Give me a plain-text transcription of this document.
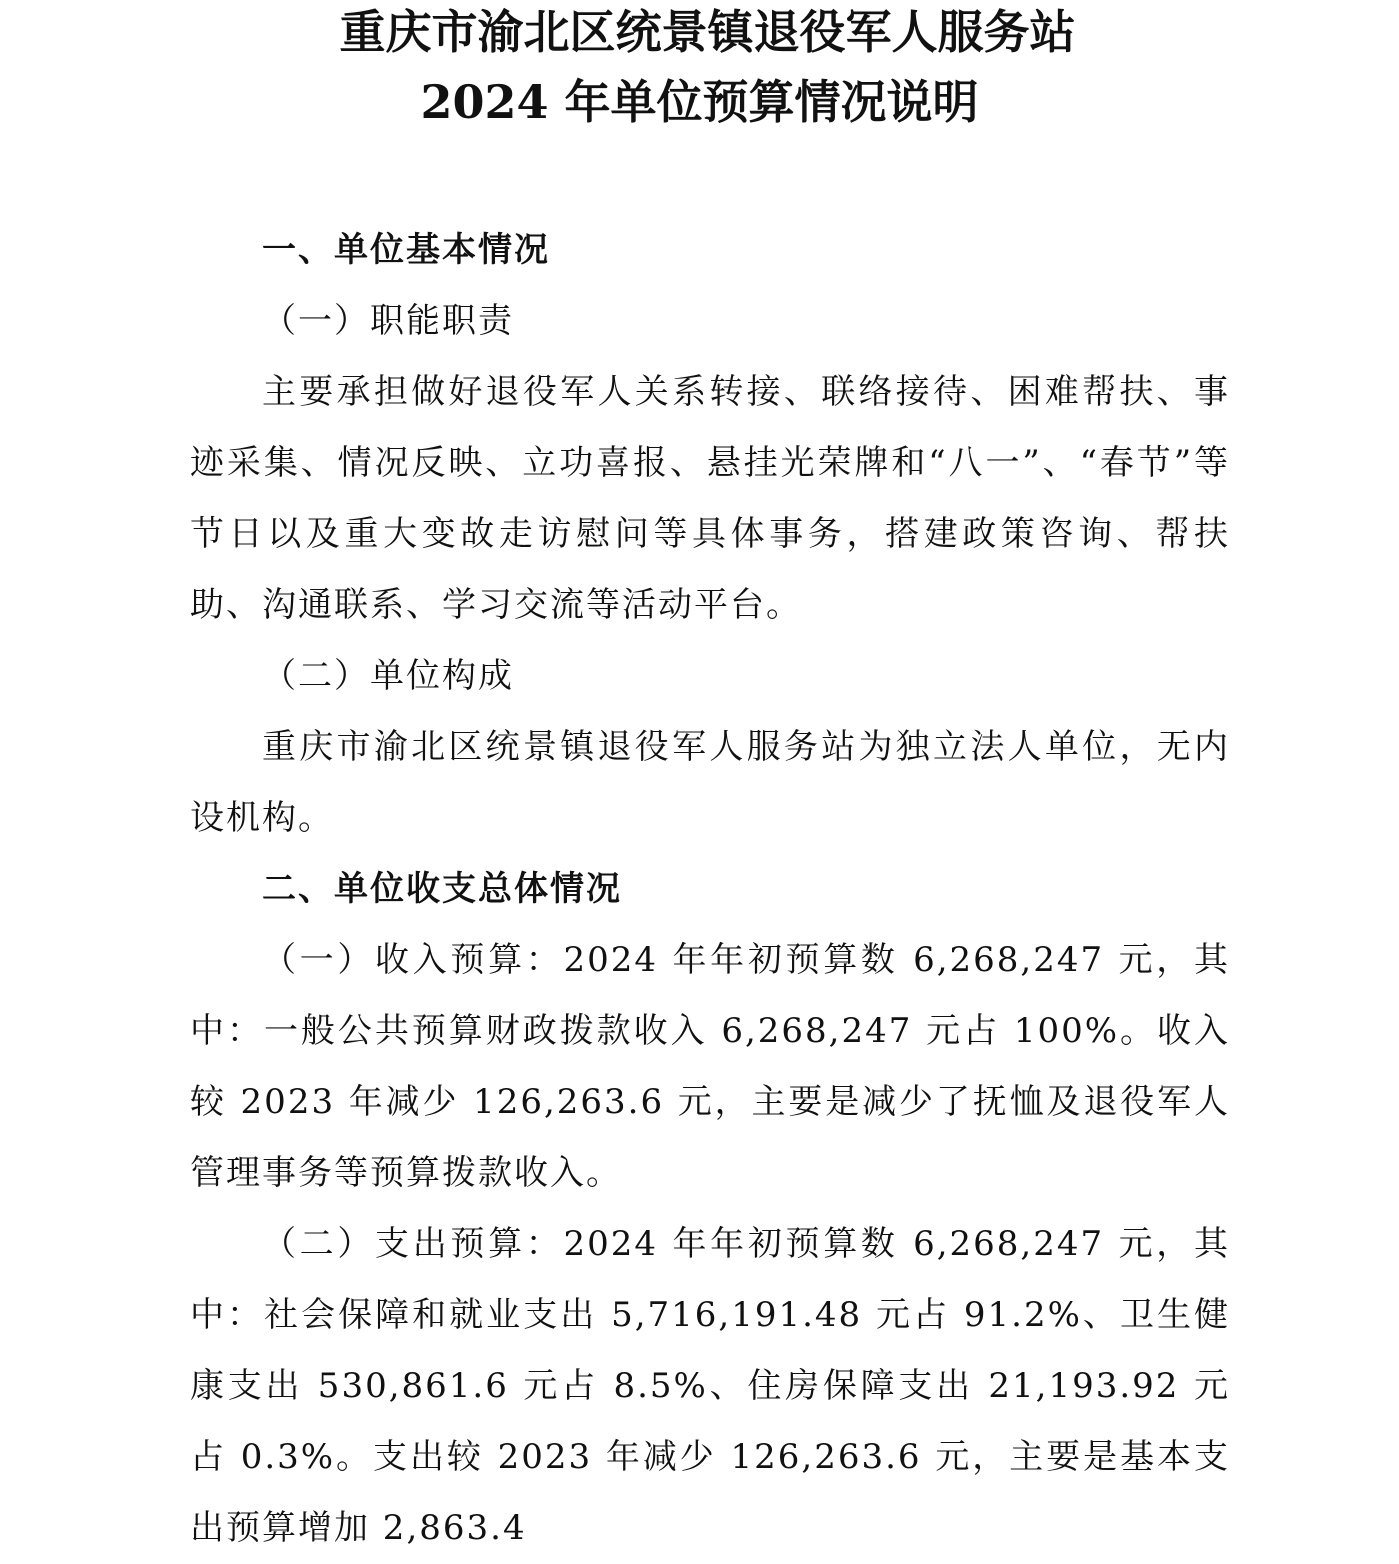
重庆市渝北区统景镇退役军人服务站
2024 年单位预算情况说明

一、单位基本情况

（一）职能职责

主要承担做好退役军人关系转接、联络接待、困难帮扶、事迹采集、情况反映、立功喜报、悬挂光荣牌和“八一”、“春节”等节日以及重大变故走访慰问等具体事务，搭建政策咨询、帮扶助、沟通联系、学习交流等活动平台。

（二）单位构成

重庆市渝北区统景镇退役军人服务站为独立法人单位，无内设机构。

二、单位收支总体情况

（一）收入预算：2024 年年初预算数 6,268,247 元，其中：一般公共预算财政拨款收入 6,268,247 元占 100%。收入较 2023 年减少 126,263.6 元，主要是减少了抚恤及退役军人管理事务等预算拨款收入。

（二）支出预算：2024 年年初预算数 6,268,247 元，其中：社会保障和就业支出 5,716,191.48 元占 91.2%、卫生健康支出 530,861.6 元占 8.5%、住房保障支出 21,193.92 元占 0.3%。支出较 2023 年减少 126,263.6 元，主要是基本支出预算增加 2,863.4
